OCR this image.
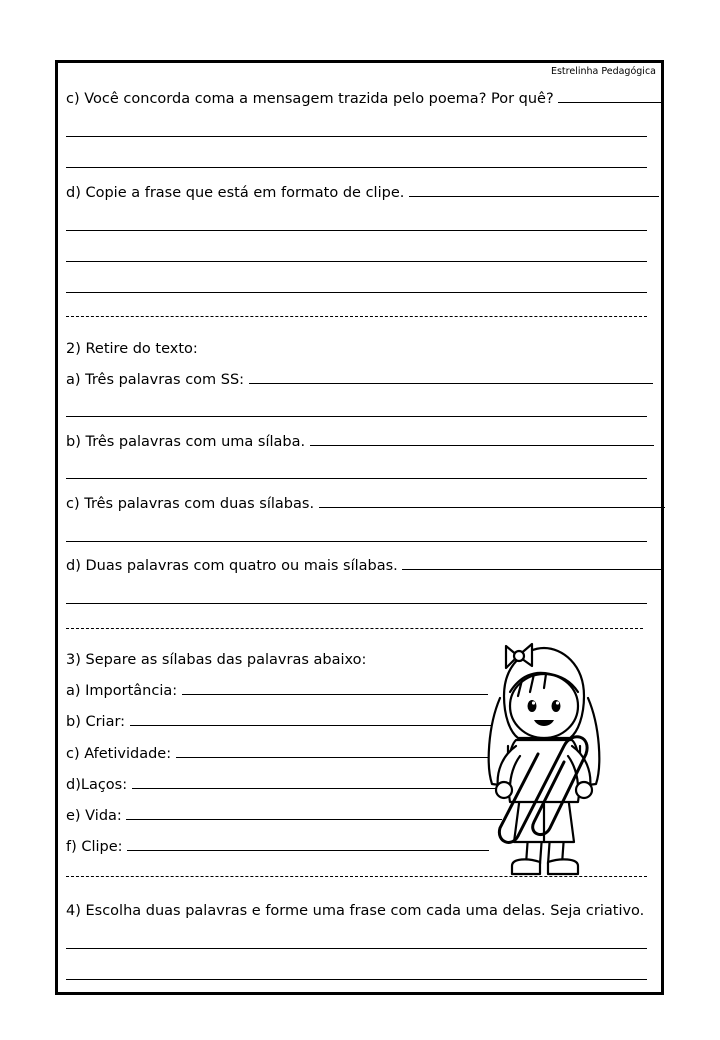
Estrelinha Pedagógica
c) Você concorda coma a mensagem trazida pelo poema? Por quê?
d) Copie a frase que está em formato de clipe.
2) Retire do texto:
a) Três palavras com SS:
b) Três palavras com uma sílaba.
c) Três palavras com duas sílabas.
d) Duas palavras com quatro ou mais sílabas.
3) Separe as sílabas das palavras abaixo:
a) Importância:
b) Criar:
c) Afetividade:
d)Laços:
e) Vida:
f) Clipe:
4) Escolha duas palavras e forme uma frase com cada uma delas. Seja criativo.
